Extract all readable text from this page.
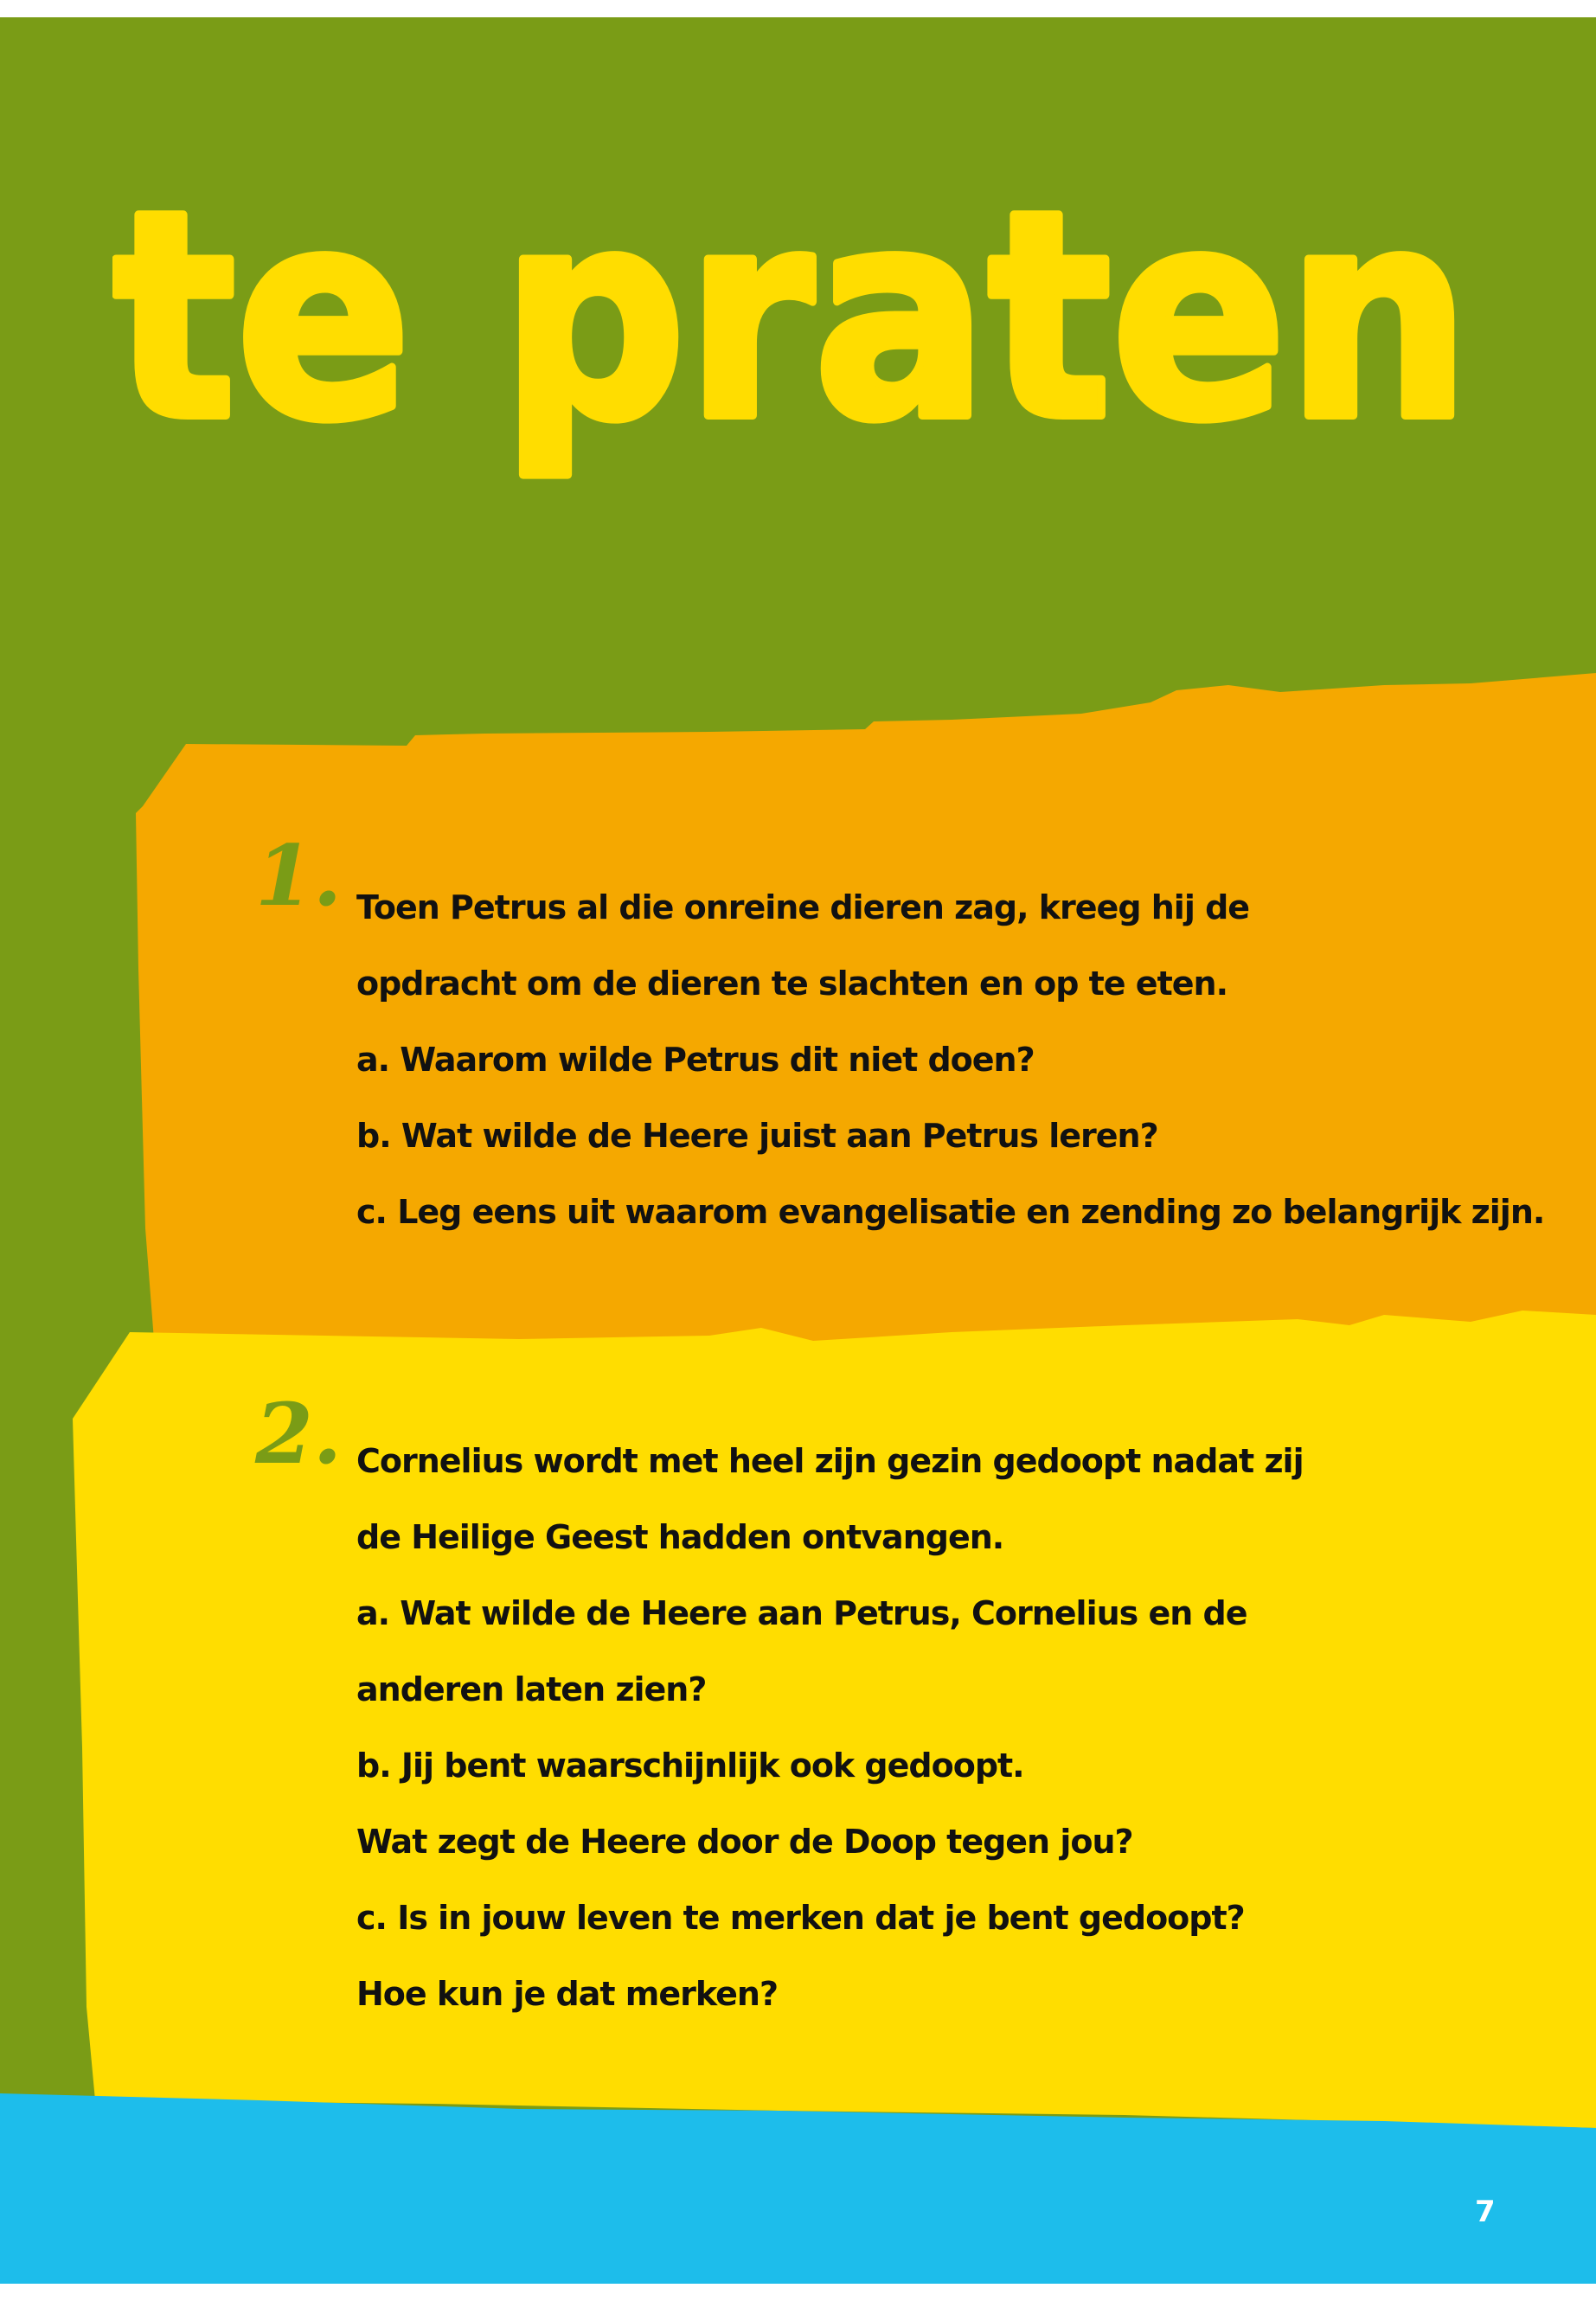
te praten
1. Toen Petrus al die onreine dieren zag, kreeg hij de
opdracht om de dieren te slachten en op te eten.
a. Waarom wilde Petrus dit niet doen?
b. Wat wilde de Heere juist aan Petrus leren?
c. Leg eens uit waarom evangelisatie en zending zo belangrijk zijn.
2. Cornelius wordt met heel zijn gezin gedoopt nadat zij
de Heilige Geest hadden ontvangen.
a. Wat wilde de Heere aan Petrus, Cornelius en de
anderen laten zien?
b. Jij bent waarschijnlijk ook gedoopt.
Wat zegt de Heere door de Doop tegen jou?
c. Is in jouw leven te merken dat je bent gedoopt?
Hoe kun je dat merken?
7
